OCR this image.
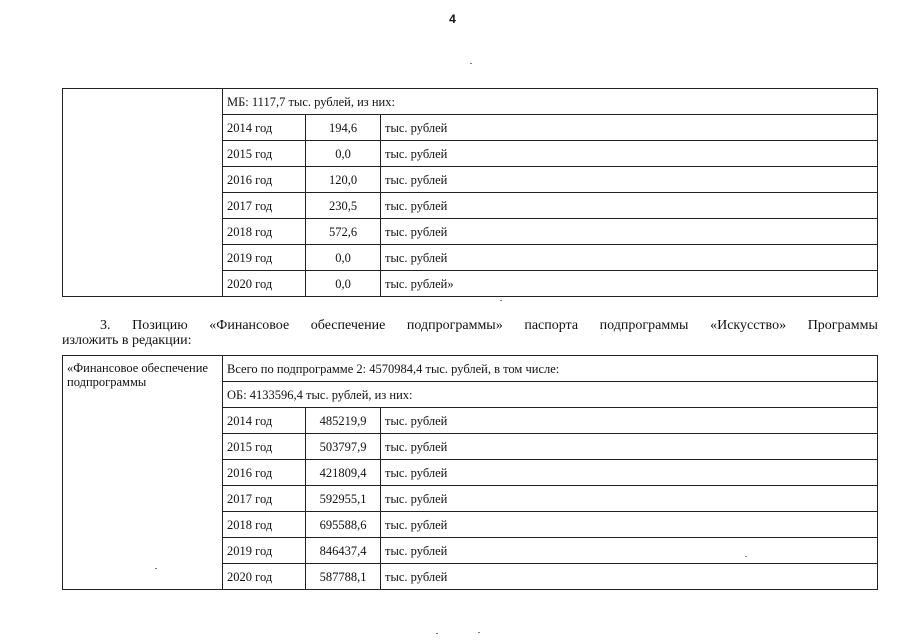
4
	МБ: 1117,7 тыс. рублей, из них:		
	2014 год	194,6	тыс. рублей
	2015 год	0,0	тыс. рублей
	2016 год	120,0	тыс. рублей
	2017 год	230,5	тыс. рублей
	2018 год	572,6	тыс. рублей
	2019 год	0,0	тыс. рублей
	2020 год	0,0	тыс. рублей»
3. Позицию «Финансовое обеспечение подпрограммы» паспорта подпрограммы «Искусство» Программы
изложить в редакции:
«Финансовое обеспечение подпрограммы	Всего по подпрограмме 2: 4570984,4 тыс. рублей, в том числе:		
	ОБ: 4133596,4 тыс. рублей, из них:		
	2014 год	485219,9	тыс. рублей
	2015 год	503797,9	тыс. рублей
	2016 год	421809,4	тыс. рублей
	2017 год	592955,1	тыс. рублей
	2018 год	695588,6	тыс. рублей
	2019 год	846437,4	тыс. рублей
	2020 год	587788,1	тыс. рублей
